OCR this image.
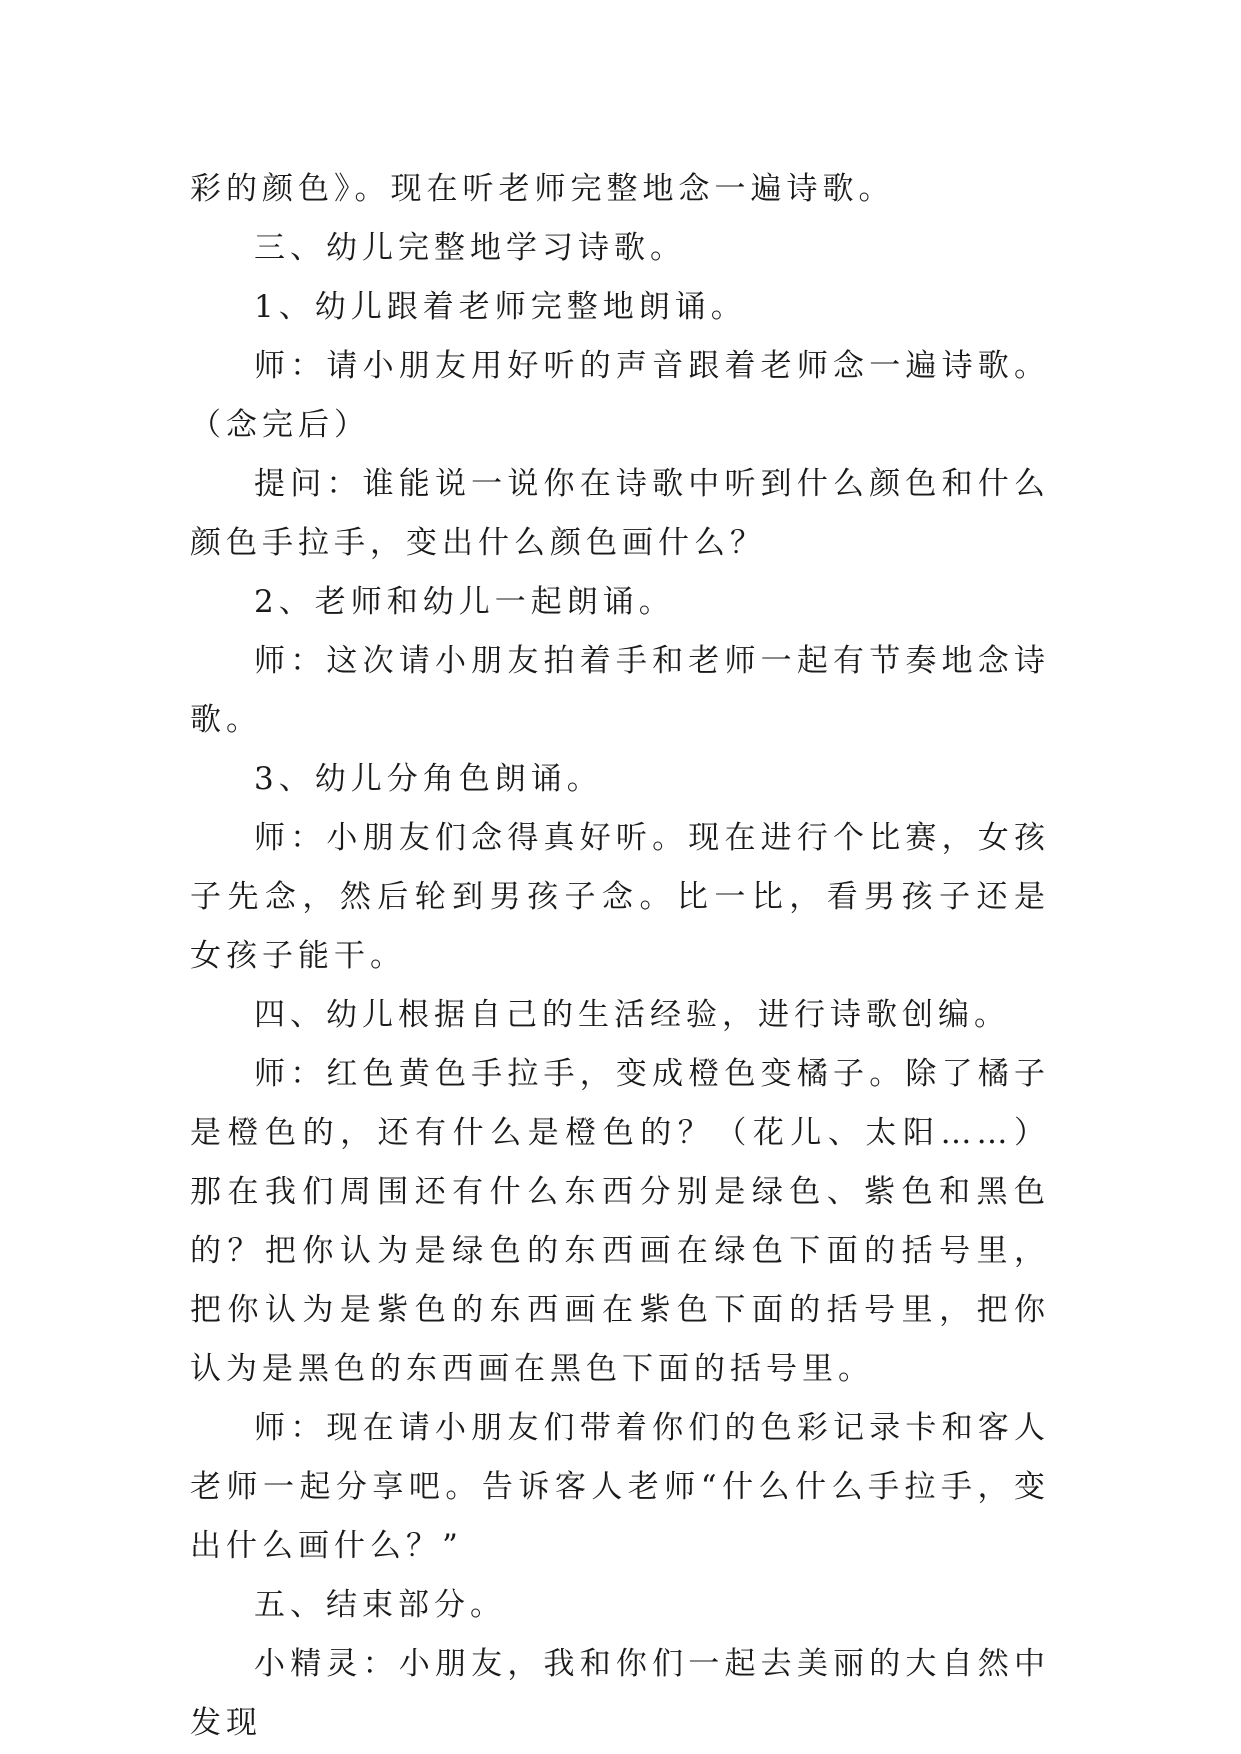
彩的颜色》。现在听老师完整地念一遍诗歌。

三、幼儿完整地学习诗歌。

1、幼儿跟着老师完整地朗诵。

师：请小朋友用好听的声音跟着老师念一遍诗歌。（念完后）

提问：谁能说一说你在诗歌中听到什么颜色和什么颜色手拉手，变出什么颜色画什么？

2、老师和幼儿一起朗诵。

师：这次请小朋友拍着手和老师一起有节奏地念诗歌。

3、幼儿分角色朗诵。

师：小朋友们念得真好听。现在进行个比赛，女孩子先念，然后轮到男孩子念。比一比，看男孩子还是女孩子能干。

四、幼儿根据自己的生活经验，进行诗歌创编。

师：红色黄色手拉手，变成橙色变橘子。除了橘子是橙色的，还有什么是橙色的？（花儿、太阳……）那在我们周围还有什么东西分别是绿色、紫色和黑色的？把你认为是绿色的东西画在绿色下面的括号里，把你认为是紫色的东西画在紫色下面的括号里，把你认为是黑色的东西画在黑色下面的括号里。

师：现在请小朋友们带着你们的色彩记录卡和客人老师一起分享吧。告诉客人老师“什么什么手拉手，变出什么画什么？”

五、结束部分。

小精灵：小朋友，我和你们一起去美丽的大自然中发现
